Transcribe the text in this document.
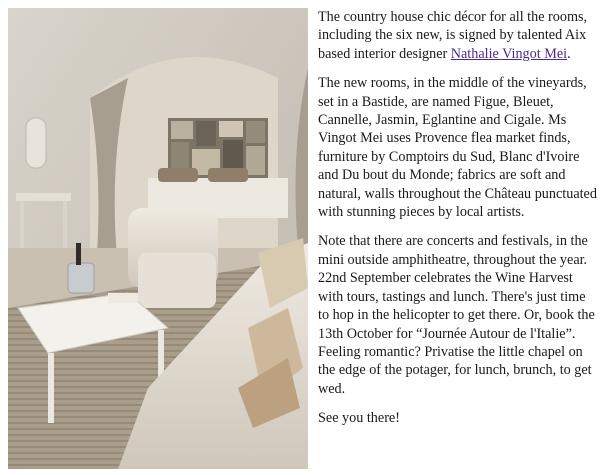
The country house chic décor for all the rooms, including the six new, is signed by talented Aix based interior designer Nathalie Vingot Mei.

The new rooms, in the middle of the vineyards, set in a Bastide, are named Figue, Bleuet, Cannelle, Jasmin, Eglantine and Cigale. Ms Vingot Mei uses Provence flea market finds, furniture by Comptoirs du Sud, Blanc d'Ivoire and Du bout du Monde; fabrics are soft and natural, walls throughout the Château punctuated with stunning pieces by local artists.

Note that there are concerts and festivals, in the mini outside amphitheatre, throughout the year. 22nd September celebrates the Wine Harvest with tours, tastings and lunch. There's just time to hop in the helicopter to get there. Or, book the 13th October for “Journée Autour de l'Italie”. Feeling romantic? Privatise the little chapel on the edge of the potager, for lunch, brunch, to get wed.

See you there!
